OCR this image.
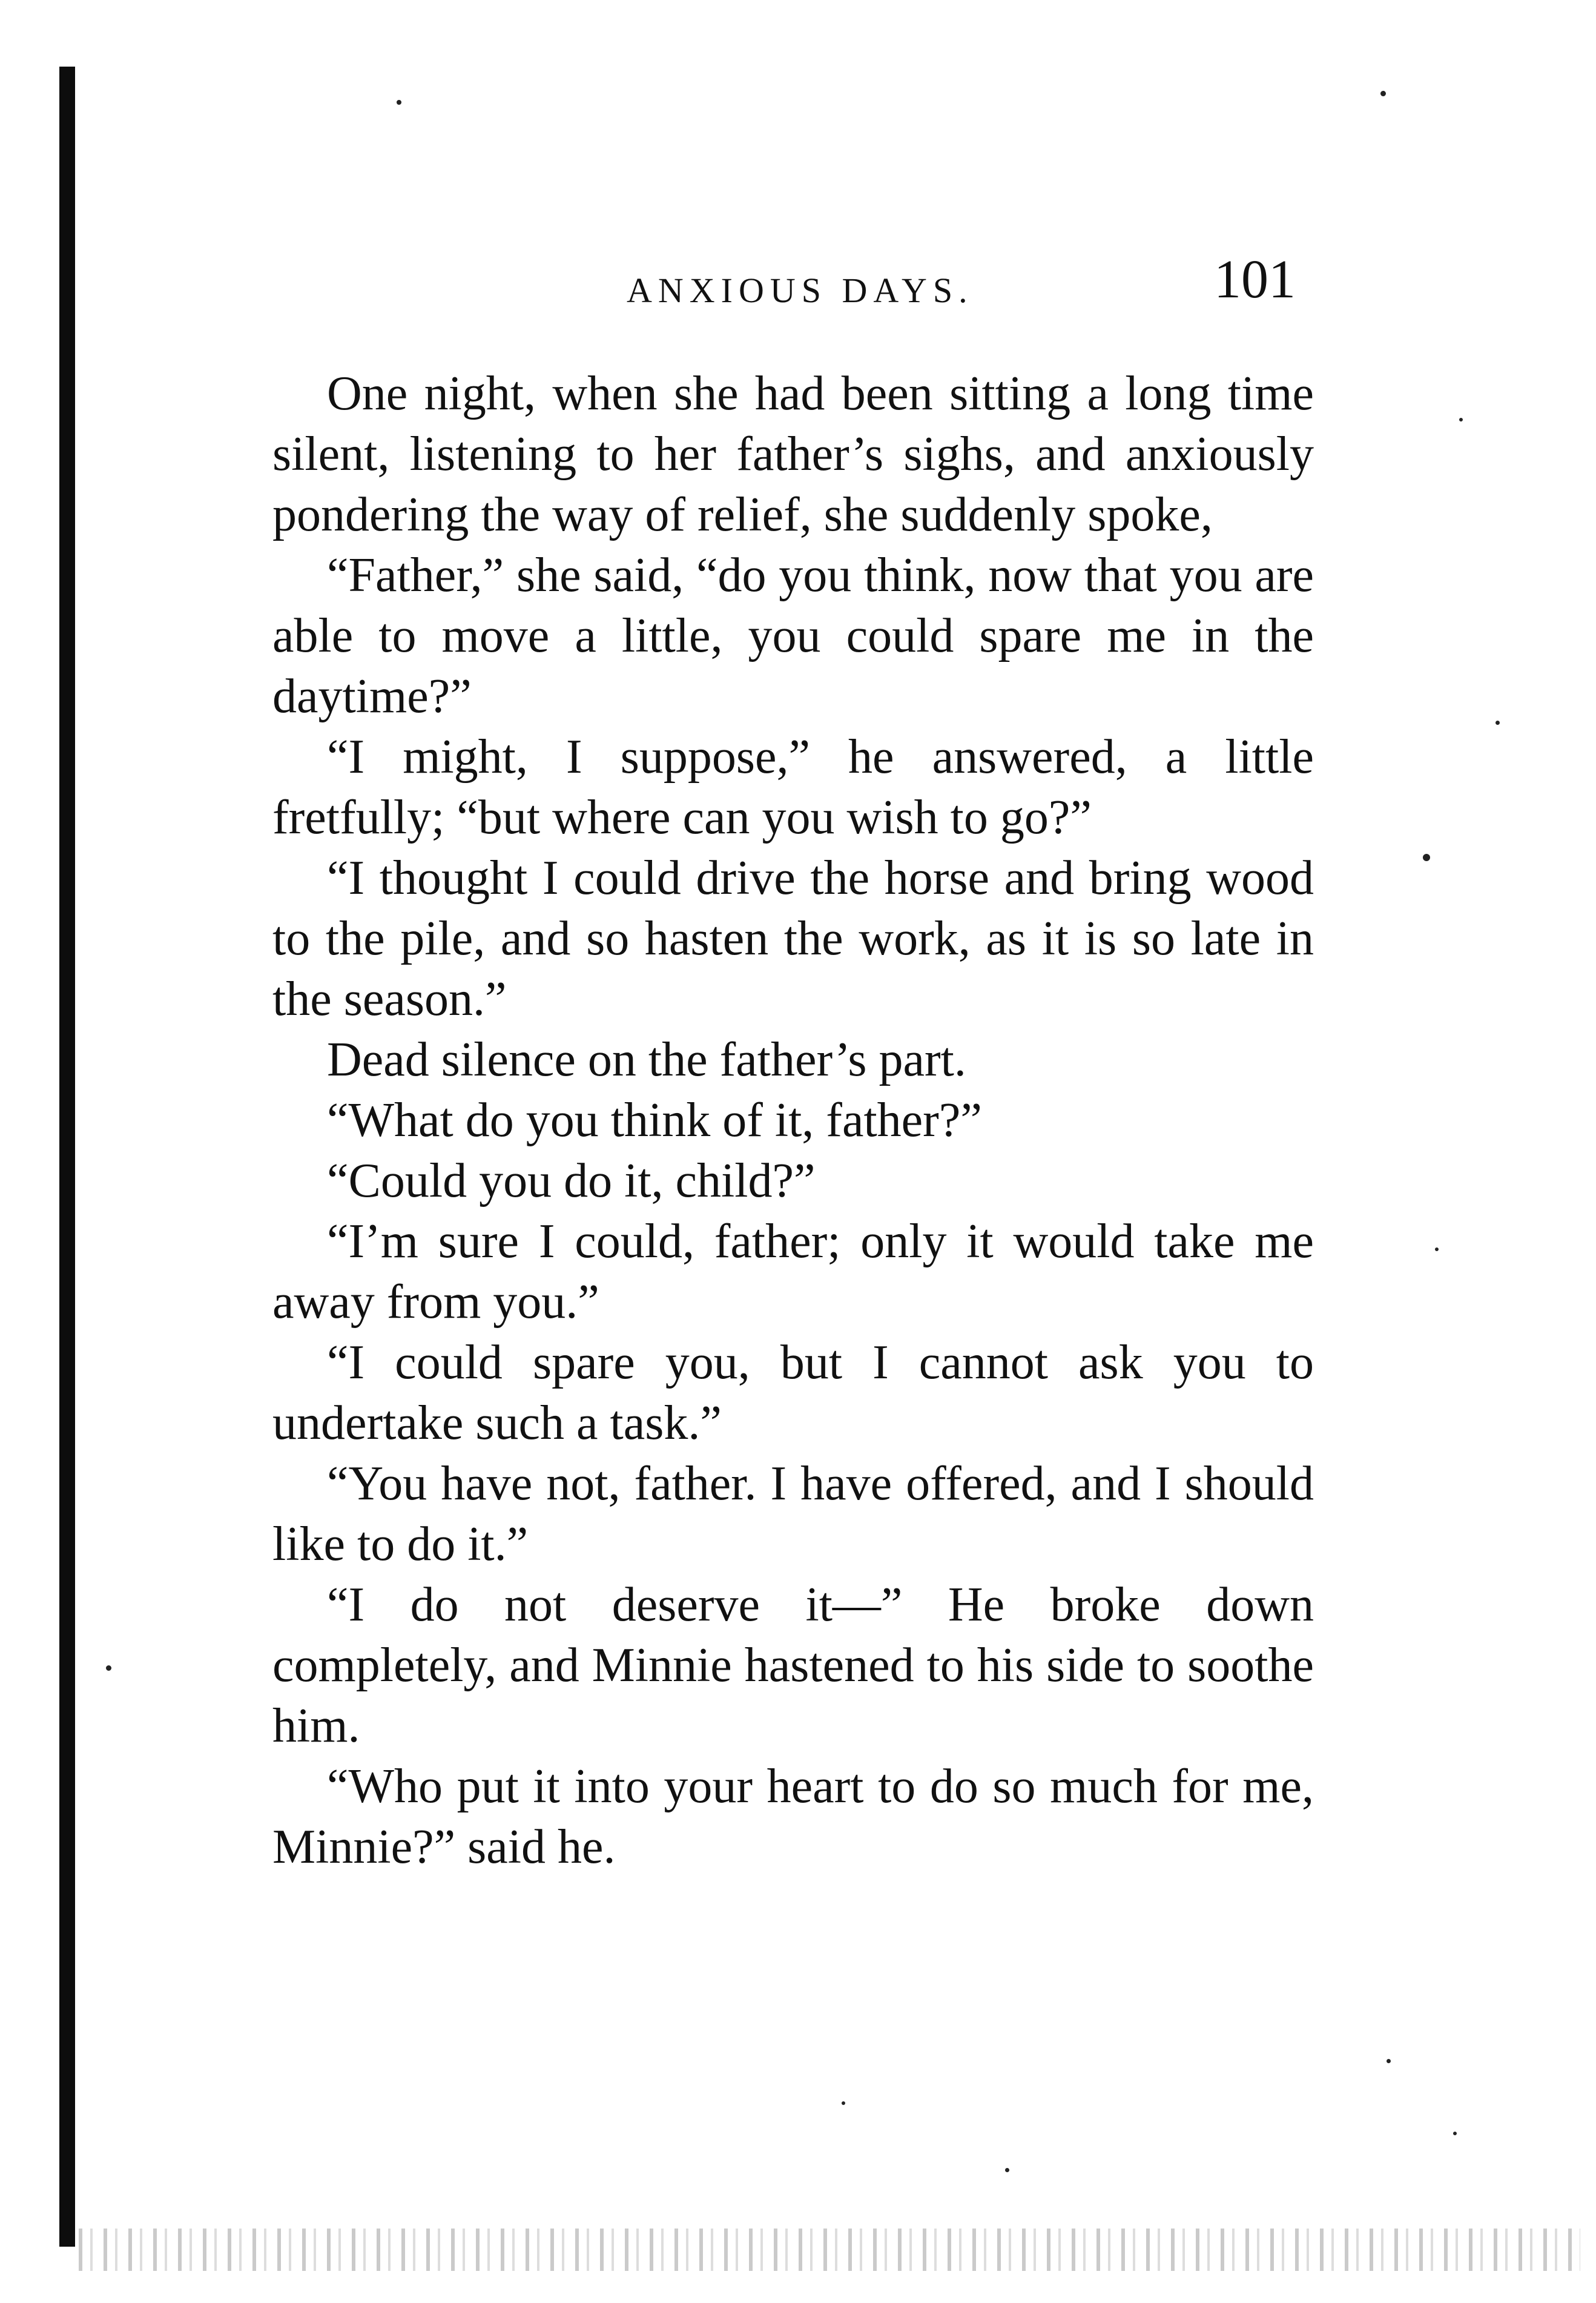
ANXIOUS DAYS.	101

One night, when she had been sitting a long time silent, listening to her father’s sighs, and anxiously pondering the way of relief, she suddenly spoke,

“Father,” she said, “do you think, now that you are able to move a little, you could spare me in the daytime?”

“I might, I suppose,” he answered, a little fretfully; “but where can you wish to go?”

“I thought I could drive the horse and bring wood to the pile, and so hasten the work, as it is so late in the season.”

Dead silence on the father’s part.

“What do you think of it, father?”

“Could you do it, child?”

“I’m sure I could, father; only it would take me away from you.”

“I could spare you, but I cannot ask you to undertake such a task.”

“You have not, father. I have offered, and I should like to do it.”

“I do not deserve it—” He broke down completely, and Minnie hastened to his side to soothe him.

“Who put it into your heart to do so much for me, Minnie?” said he.
